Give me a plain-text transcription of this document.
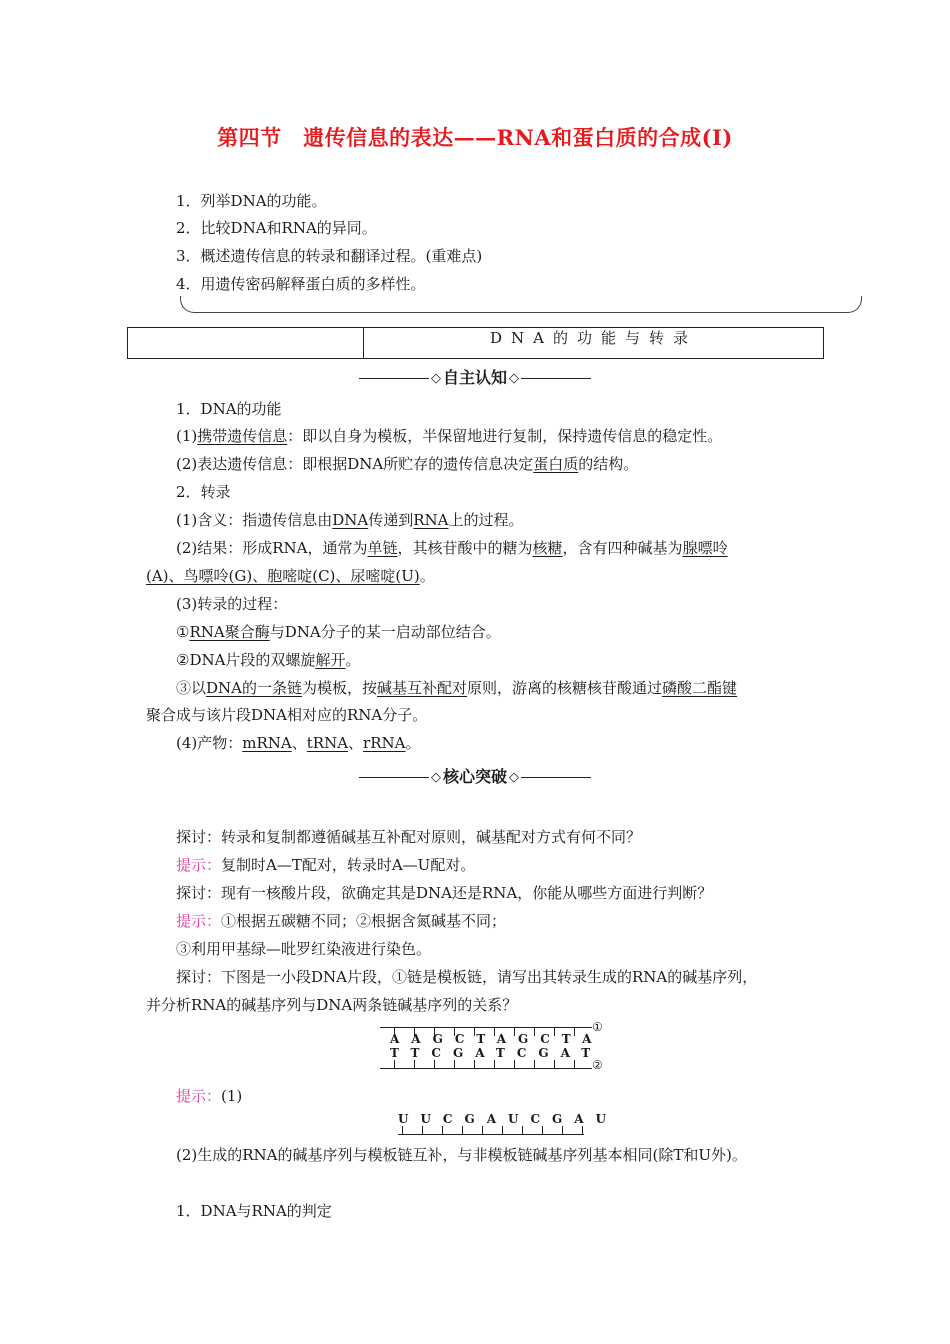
第四节　遗传信息的表达——RNA和蛋白质的合成(Ⅰ)
1．列举DNA的功能。
2．比较DNA和RNA的异同。
3．概述遗传信息的转录和翻译过程。(重难点)
4．用遗传密码解释蛋白质的多样性。
DNA的功能与转录
◇ 自主认知 ◇
1．DNA的功能
(1)携带遗传信息：即以自身为模板，半保留地进行复制，保持遗传信息的稳定性。
(2)表达遗传信息：即根据DNA所贮存的遗传信息决定蛋白质的结构。
2．转录
(1)含义：指遗传信息由DNA传递到RNA上的过程。
(2)结果：形成RNA，通常为单链，其核苷酸中的糖为核糖，含有四种碱基为腺嘌呤
(A)、鸟嘌呤(G)、胞嘧啶(C)、尿嘧啶(U)。
(3)转录的过程：
①RNA聚合酶与DNA分子的某一启动部位结合。
②DNA片段的双螺旋解开。
③以DNA的一条链为模板，按碱基互补配对原则，游离的核糖核苷酸通过磷酸二酯键
聚合成与该片段DNA相对应的RNA分子。
(4)产物：mRNA、tRNA、rRNA。
◇ 核心突破 ◇
探讨：转录和复制都遵循碱基互补配对原则，碱基配对方式有何不同？
提示：复制时A—T配对，转录时A—U配对。
探讨：现有一核酸片段，欲确定其是DNA还是RNA，你能从哪些方面进行判断？
提示：①根据五碳糖不同；②根据含氮碱基不同；
③利用甲基绿—吡罗红染液进行染色。
探讨：下图是一小段DNA片段，①链是模板链，请写出其转录生成的RNA的碱基序列，
并分析RNA的碱基序列与DNA两条链碱基序列的关系？
①
AAGCTAGCTA
TTCGATCGAT
②
提示：(1)
UUCGAUCGAU
(2)生成的RNA的碱基序列与模板链互补，与非模板链碱基序列基本相同(除T和U外)。
1．DNA与RNA的判定
